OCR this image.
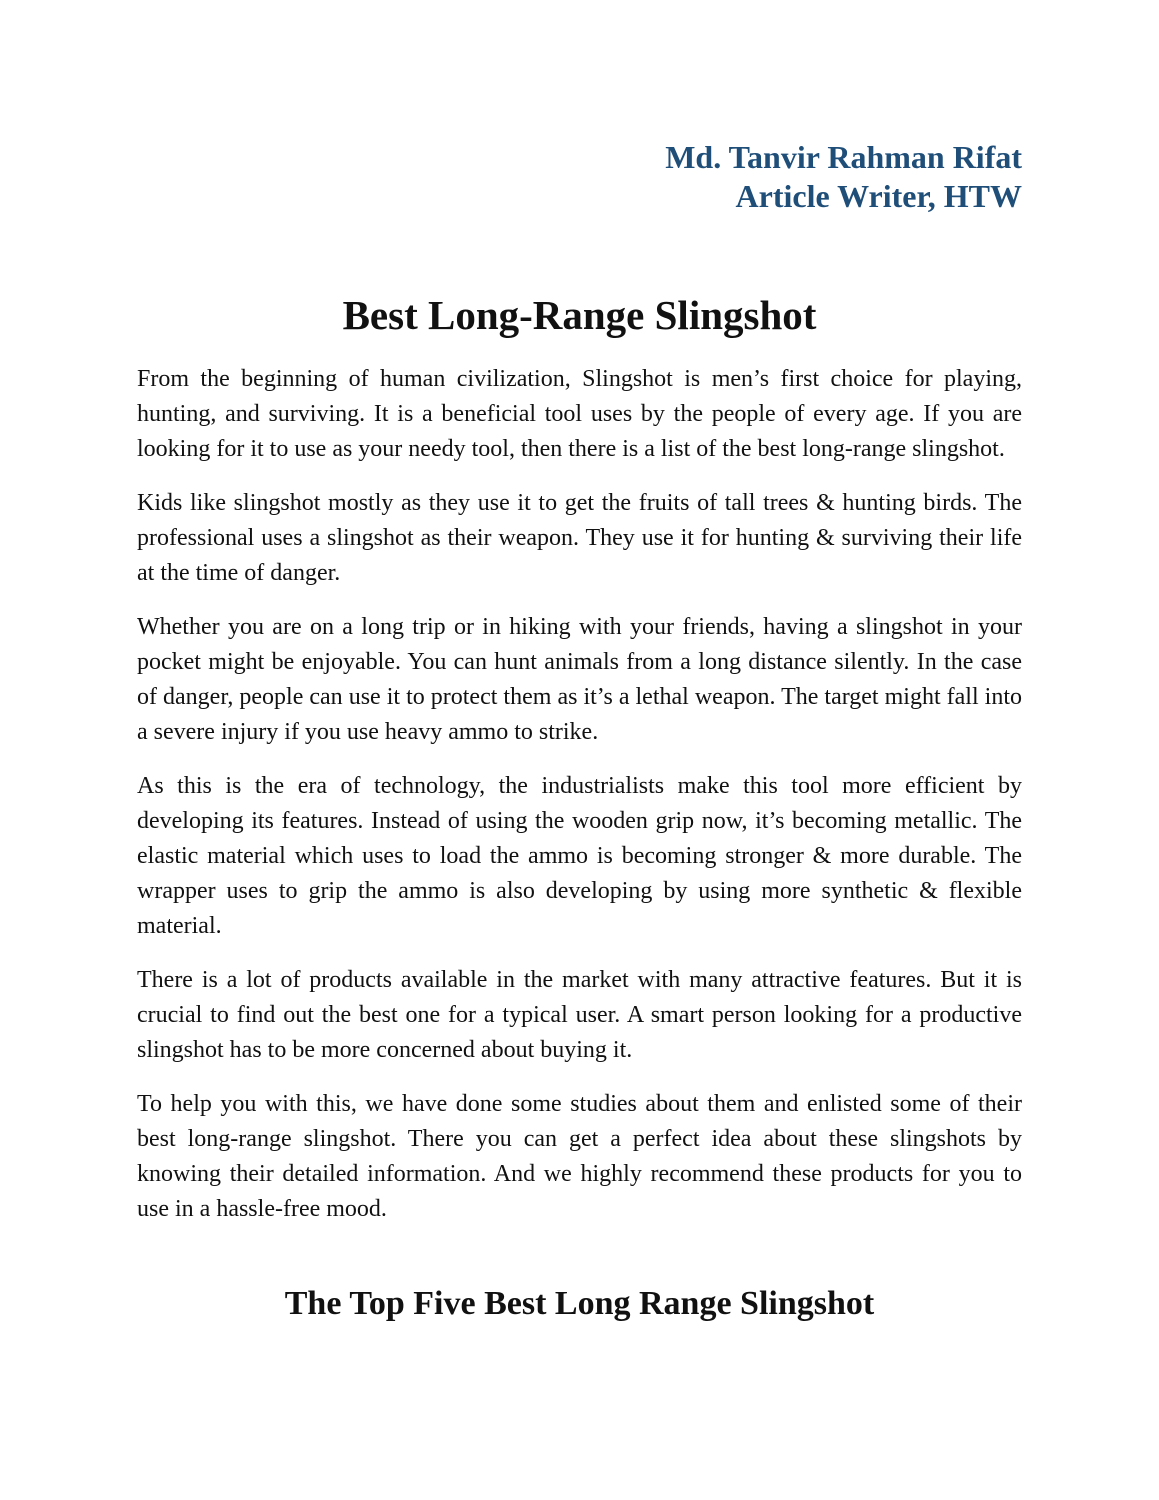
Md. Tanvir Rahman Rifat
Article Writer, HTW
Best Long-Range Slingshot

From the beginning of human civilization, Slingshot is men’s first choice for playing, hunting, and surviving. It is a beneficial tool uses by the people of every age. If you are looking for it to use as your needy tool, then there is a list of the best long-range slingshot.

Kids like slingshot mostly as they use it to get the fruits of tall trees & hunting birds. The professional uses a slingshot as their weapon. They use it for hunting & surviving their life at the time of danger.

Whether you are on a long trip or in hiking with your friends, having a slingshot in your pocket might be enjoyable. You can hunt animals from a long distance silently. In the case of danger, people can use it to protect them as it’s a lethal weapon. The target might fall into a severe injury if you use heavy ammo to strike.

As this is the era of technology, the industrialists make this tool more efficient by developing its features. Instead of using the wooden grip now, it’s becoming metallic. The elastic material which uses to load the ammo is becoming stronger & more durable. The wrapper uses to grip the ammo is also developing by using more synthetic & flexible material.

There is a lot of products available in the market with many attractive features. But it is crucial to find out the best one for a typical user. A smart person looking for a productive slingshot has to be more concerned about buying it.

To help you with this, we have done some studies about them and enlisted some of their best long-range slingshot. There you can get a perfect idea about these slingshots by knowing their detailed information. And we highly recommend these products for you to use in a hassle-free mood.

The Top Five Best Long Range Slingshot
